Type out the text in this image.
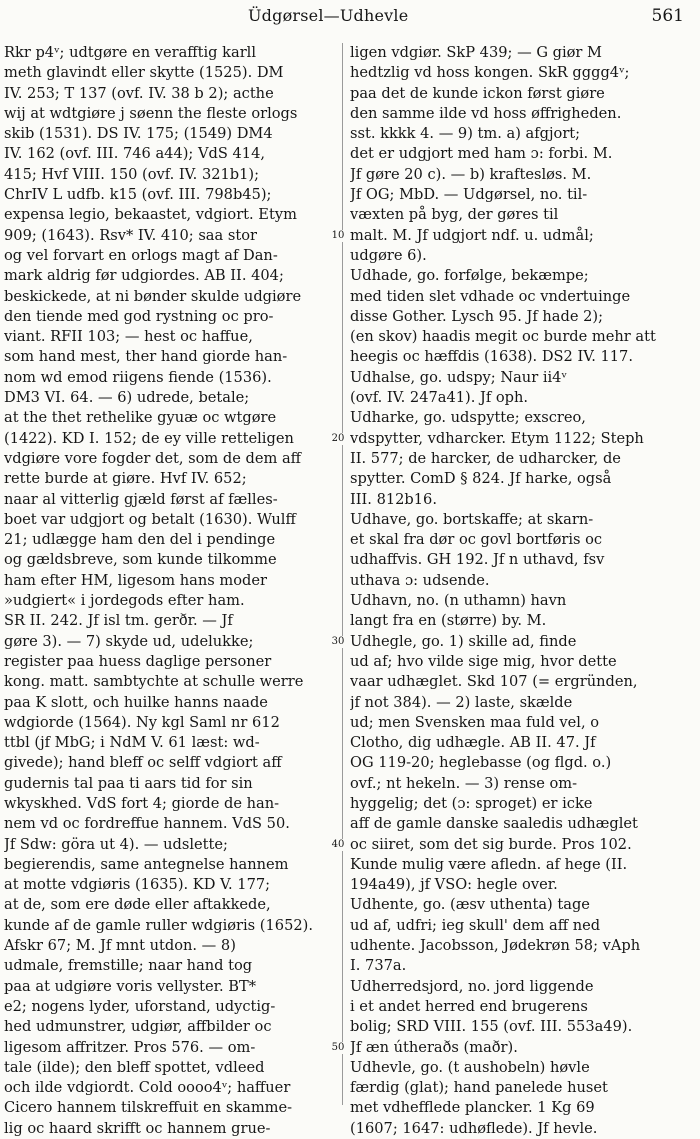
Üdgørsel—Udhevle	561
Rkr p4ᵛ; udtgøre en verafftig karll
meth glavindt eller skytte (1525). DM
IV. 253; T 137 (ovf. IV. 38 b 2); acthe
wij at wdtgiøre j søenn the fleste orlogs
skib (1531). DS IV. 175; (1549) DM4
IV. 162 (ovf. III. 746 a44); VdS 414,
415; Hvf VIII. 150 (ovf. IV. 321b1);
ChrIV L udfb. k15 (ovf. III. 798b45);
expensa legio, bekaastet, vdgiort. Etym
909; (1643). Rsv* IV. 410; saa stor
og vel forvart en orlogs magt af Dan-
mark aldrig før udgiordes. AB II. 404;
beskickede, at ni bønder skulde udgiøre
den tiende med god rystning oc pro-
viant. RFII 103; — hest oc haffue,
som hand mest, ther hand giorde han-
nom wd emod riigens fiende (1536).
DM3 VI. 64. — 6) udrede, betale;
at the thet rethelike gyuæ oc wtgøre
(1422). KD I. 152; de ey ville retteligen
vdgiøre vore fogder det, som de dem aff
rette burde at giøre. Hvf IV. 652;
naar al vitterlig gjæld først af fælles-
boet var udgjort og betalt (1630). Wulff
21; udlægge ham den del i pendinge
og gældsbreve, som kunde tilkomme
ham efter HM, ligesom hans moder
»udgiert« i jordegods efter ham.
SR II. 242. Jf isl tm. gerðr. — Jf
gøre 3). — 7) skyde ud, udelukke;
register paa huess daglige personer
kong. matt. sambtychte at schulle werre
paa K slott, och huilke hanns naade
wdgiorde (1564). Ny kgl Saml nr 612
ttbl (jf MbG; i NdM V. 61 læst: wd-
givede); hand bleff oc selff vdgiort aff
gudernis tal paa ti aars tid for sin
wkyskhed. VdS fort 4; giorde de han-
nem vd oc fordreffue hannem. VdS 50.
Jf Sdw: göra ut 4). — udslette;
begierendis, same antegnelse hannem
at motte vdgiøris (1635). KD V. 177;
at de, som ere døde eller aftakkede,
kunde af de gamle ruller wdgiøris (1652).
Afskr 67; M. Jf mnt utdon. — 8)
udmale, fremstille; naar hand tog
paa at udgiøre voris vellyster. BT*
e2; nogens lyder, uforstand, udyctig-
hed udmunstrer, udgiør, affbilder oc
ligesom affritzer. Pros 576. — om-
tale (ilde); den bleff spottet, vdleed
och ilde vdgiordt. Cold oooo4ᵛ; haffuer
Cicero hannem tilskreffuit en skamme-
lig oc haard skrifft oc hannem grue-
10
20
30
40
50
ligen vdgiør. SkP 439; — G giør M
hedtzlig vd hoss kongen. SkR gggg4ᵛ;
paa det de kunde ickon først giøre
den samme ilde vd hoss øffrigheden.
sst. kkkk 4. — 9) tm. a) afgjort;
det er udgjort med ham ɔ: forbi. M.
Jf gøre 20 c). — b) kraftesløs. M.
Jf OG; MbD. — Udgørsel, no. til-
væxten på byg, der gøres til
malt. M. Jf udgjort ndf. u. udmål;
udgøre 6).
Udhade, go. forfølge, bekæmpe;
med tiden slet vdhade oc vndertuinge
disse Gother. Lysch 95. Jf hade 2);
(en skov) haadis megit oc burde mehr att
heegis oc hæffdis (1638). DS2 IV. 117.
Udhalse, go. udspy; Naur ii4ᵛ
(ovf. IV. 247a41). Jf oph.
Udharke, go. udspytte; exscreo,
vdspytter, vdharcker. Etym 1122; Steph
II. 577; de harcker, de udharcker, de
spytter. ComD § 824. Jf harke, også
III. 812b16.
Udhave, go. bortskaffe; at skarn-
et skal fra dør oc govl bortføris oc
udhaffvis. GH 192. Jf n uthavd, fsv
uthava ɔ: udsende.
Udhavn, no. (n uthamn) havn
langt fra en (større) by. M.
Udhegle, go. 1) skille ad, finde
ud af; hvo vilde sige mig, hvor dette
vaar udhæglet. Skd 107 (= ergründen,
jf not 384). — 2) laste, skælde
ud; men Svensken maa fuld vel, o
Clotho, dig udhægle. AB II. 47. Jf
OG 119-20; heglebasse (og flgd. o.)
ovf.; nt hekeln. — 3) rense om-
hyggelig; det (ɔ: sproget) er icke
aff de gamle danske saaledis udhæglet
oc siiret, som det sig burde. Pros 102.
Kunde mulig være afledn. af hege (II.
194a49), jf VSO: hegle over.
Udhente, go. (æsv uthenta) tage
ud af, udfri; ieg skull' dem aff ned
udhente. Jacobsson, Jødekrøn 58; vAph
I. 737a.
Udherredsjord, no. jord liggende
i et andet herred end brugerens
bolig; SRD VIII. 155 (ovf. III. 553a49).
Jf æn útheraðs (maðr).
Udhevle, go. (t aushobeln) høvle
færdig (glat); hand panelede huset
met vdhefflede plancker. 1 Kg 69
(1607; 1647: udhøflede). Jf hevle.
